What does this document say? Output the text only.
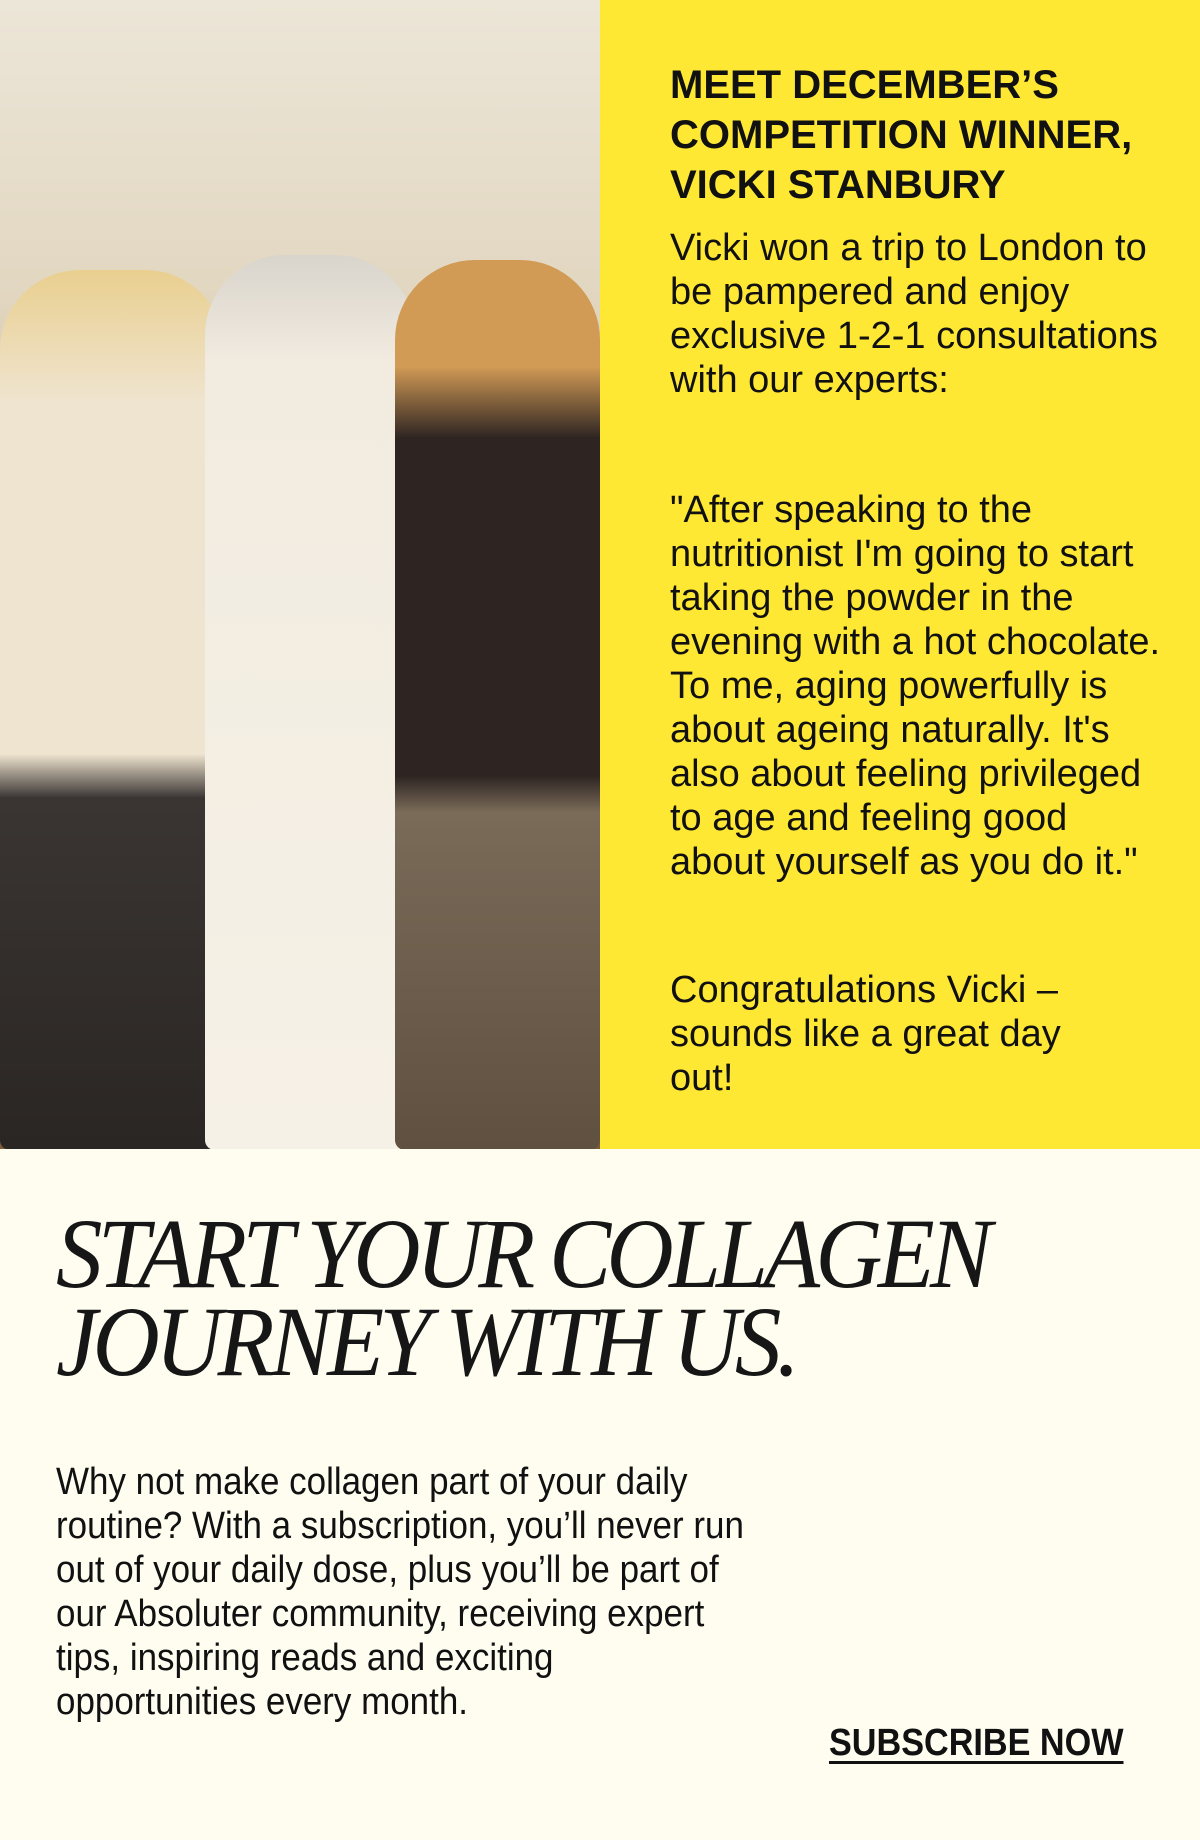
MEET DECEMBER’S COMPETITION WINNER, VICKI STANBURY

Vicki won a trip to London to be pampered and enjoy exclusive 1-2-1 consultations with our experts:

"After speaking to the nutritionist I'm going to start taking the powder in the evening with a hot chocolate. To me, aging powerfully is about ageing naturally. It's also about feeling privileged to age and feeling good about yourself as you do it."

Congratulations Vicki – sounds like a great day out!

START YOUR COLLAGEN
JOURNEY WITH US.

Why not make collagen part of your daily routine? With a subscription, you’ll never run out of your daily dose, plus you’ll be part of our Absoluter community, receiving expert tips, inspiring reads and exciting opportunities every month.

SUBSCRIBE NOW
